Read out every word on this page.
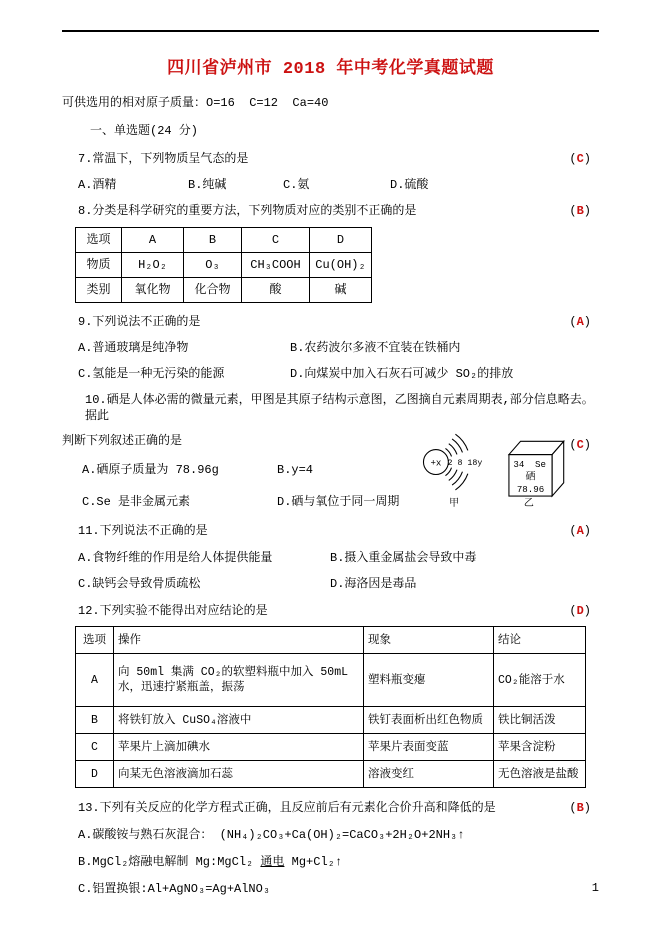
四川省泸州市 2018 年中考化学真题试题
可供选用的相对原子质量：O=16  C=12  Ca=40
一、单选题(24 分)
7.常温下，下列物质呈气态的是	(C)
A.酒精	B.纯碱	C.氨	D.硫酸
8.分类是科学研究的重要方法，下列物质对应的类别不正确的是	(B)
选项	A	B	C	D
物质	H₂O₂	O₃	CH₃COOH	Cu(OH)₂
类别	氧化物	化合物	酸	碱
9.下列说法不正确的是	(A)
A.普通玻璃是纯净物	B.农药波尔多液不宜装在铁桶内
C.氢能是一种无污染的能源	D.向煤炭中加入石灰石可减少 SO₂的排放
10.硒是人体必需的微量元素，甲图是其原子结构示意图，乙图摘自元素周期表,部分信息略去。据此
判断下列叙述正确的是
A.硒原子质量为 78.96g	B.y=4
C.Se 是非金属元素	D.硒与氧位于同一周期
+x 2 8 18y
甲
34 Se
硒
78.96
乙
(C)
11.下列说法不正确的是	(A)
A.食物纤维的作用是给人体提供能量	B.摄入重金属盐会导致中毒
C.缺钙会导致骨质疏松	D.海洛因是毒品
12.下列实验不能得出对应结论的是	(D)
选项	操作	现象	结论
A	向 50ml 集满 CO₂的软塑料瓶中加入 50mL 水，迅速拧紧瓶盖，振荡	塑料瓶变瘪	CO₂能溶于水
B	将铁钉放入 CuSO₄溶液中	铁钉表面析出红色物质	铁比铜活泼
C	苹果片上滴加碘水	苹果片表面变蓝	苹果含淀粉
D	向某无色溶液滴加石蕊	溶液变红	无色溶液是盐酸
13.下列有关反应的化学方程式正确，且反应前后有元素化合价升高和降低的是	(B)
A.碳酸铵与熟石灰混合： (NH₄)₂CO₃+Ca(OH)₂=CaCO₃+2H₂O+2NH₃↑
B.MgCl₂熔融电解制 Mg:MgCl₂ 通电 Mg+Cl₂↑
C.铝置换银:Al+AgNO₃=Ag+AlNO₃	1
